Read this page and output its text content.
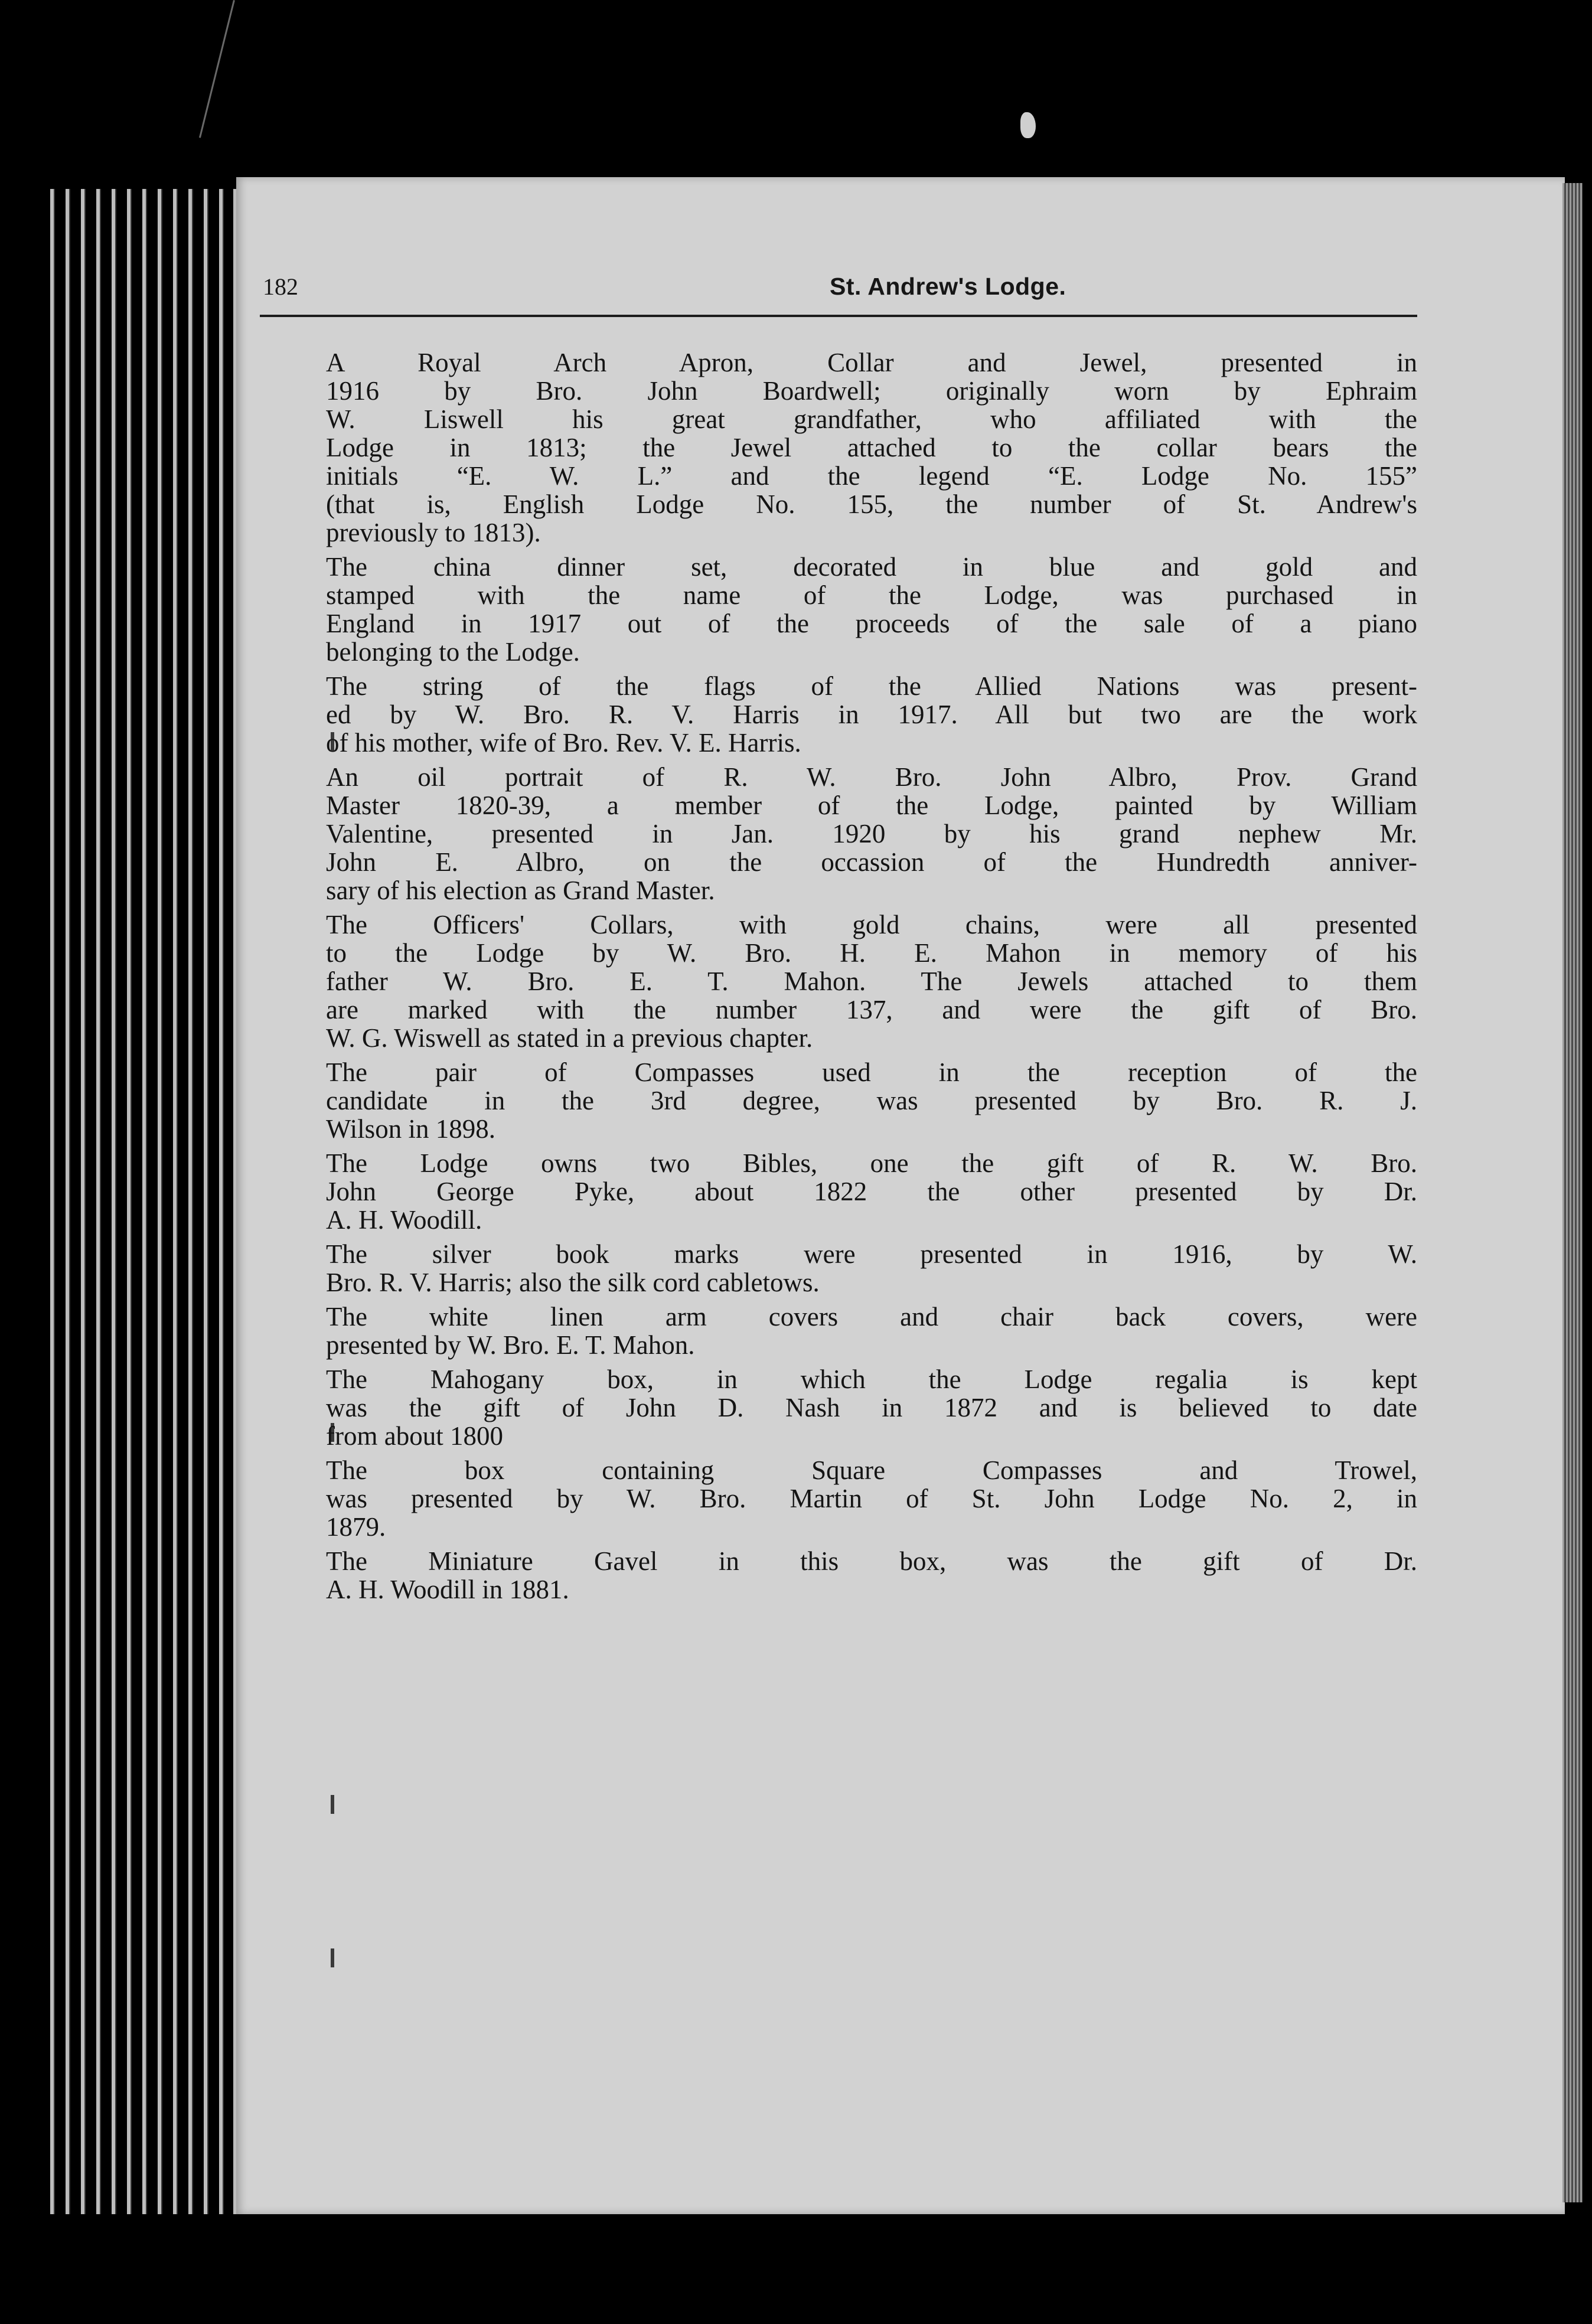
182	St. Andrew's Lodge.

A Royal Arch Apron, Collar and Jewel, presented in
1916 by Bro. John Boardwell; originally worn by Ephraim
W. Liswell his great grandfather, who affiliated with the
Lodge in 1813; the Jewel attached to the collar bears the
initials “E. W. L.” and the legend “E. Lodge No. 155”
(that is, English Lodge No. 155, the number of St. Andrew's
previously to 1813).

The china dinner set, decorated in blue and gold and
stamped with the name of the Lodge, was purchased in
England in 1917 out of the proceeds of the sale of a piano
belonging to the Lodge.

The string of the flags of the Allied Nations was present-
ed by W. Bro. R. V. Harris in 1917. All but two are the work
of his mother, wife of Bro. Rev. V. E. Harris.

An oil portrait of R. W. Bro. John Albro, Prov. Grand
Master 1820-39, a member of the Lodge, painted by William
Valentine, presented in Jan. 1920 by his grand nephew Mr.
John E. Albro, on the occassion of the Hundredth anniver-
sary of his election as Grand Master.

The Officers' Collars, with gold chains, were all presented
to the Lodge by W. Bro. H. E. Mahon in memory of his
father W. Bro. E. T. Mahon. The Jewels attached to them
are marked with the number 137, and were the gift of Bro.
W. G. Wiswell as stated in a previous chapter.

The pair of Compasses used in the reception of the
candidate in the 3rd degree, was presented by Bro. R. J.
Wilson in 1898.

The Lodge owns two Bibles, one the gift of R. W. Bro.
John George Pyke, about 1822 the other presented by Dr.
A. H. Woodill.

The silver book marks were presented in 1916, by W.
Bro. R. V. Harris; also the silk cord cabletows.

The white linen arm covers and chair back covers, were
presented by W. Bro. E. T. Mahon.

The Mahogany box, in which the Lodge regalia is kept
was the gift of John D. Nash in 1872 and is believed to date
from about 1800

The box containing Square Compasses and Trowel,
was presented by W. Bro. Martin of St. John Lodge No. 2, in
1879.

The Miniature Gavel in this box, was the gift of Dr.
A. H. Woodill in 1881.
